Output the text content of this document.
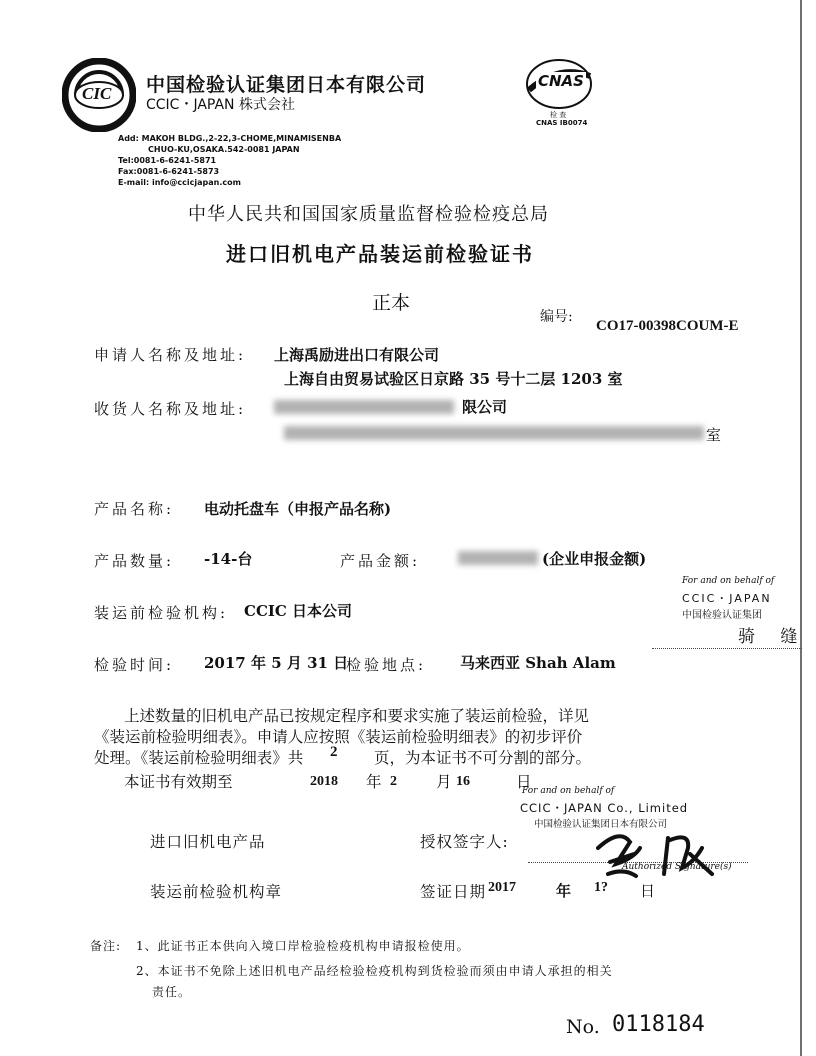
CIC 中国检验认证集团日本有限公司
CCIC・JAPAN 株式会社
CNAS
检 查
CNAS IB0074
Add: MAKOH BLDG.,2-22,3-CHOME,MINAMISENBA
CHUO-KU,OSAKA.542-0081 JAPAN
Tel:0081-6-6241-5871
Fax:0081-6-6241-5873
E-mail: info@ccicjapan.com
中华人民共和国国家质量监督检验检疫总局
进口旧机电产品装运前检验证书
正本
编号:
CO17-00398COUM-E
申请人名称及地址: 上海禹励进出口有限公司
上海自由贸易试验区日京路 35 号十二层 1203 室
收货人名称及地址:	限公司
室
产品名称: 电动托盘车（申报产品名称)
产品数量: -14-台	产品金额:	(企业申报金额)
装运前检验机构: CCIC 日本公司
检验时间: 2017 年 5 月 31 日
检验地点: 马来西亚 Shah Alam
For and on behalf of
CCIC・JAPAN
中国检验认证集团
骑 缝
上述数量的旧机电产品已按规定程序和要求实施了装运前检验，详见
《装运前检验明细表》。申请人应按照《装运前检验明细表》的初步评价
处理。《装运前检验明细表》共 2 页，为本证书不可分割的部分。
本证书有效期至	2018 年 2	月 16	日
For and on behalf of
CCIC・JAPAN Co., Limited
中国检验认证集团日本有限公司
Authorized Signature(s)
进口旧机电产品	授权签字人:
装运前检验机构章	签证日期 2017	年 1? 日
备注: 1、此证书正本供向入境口岸检验检疫机构申请报检使用。
2、本证书不免除上述旧机电产品经检验检疫机构到货检验而须由申请人承担的相关
责任。
No. 0118184
